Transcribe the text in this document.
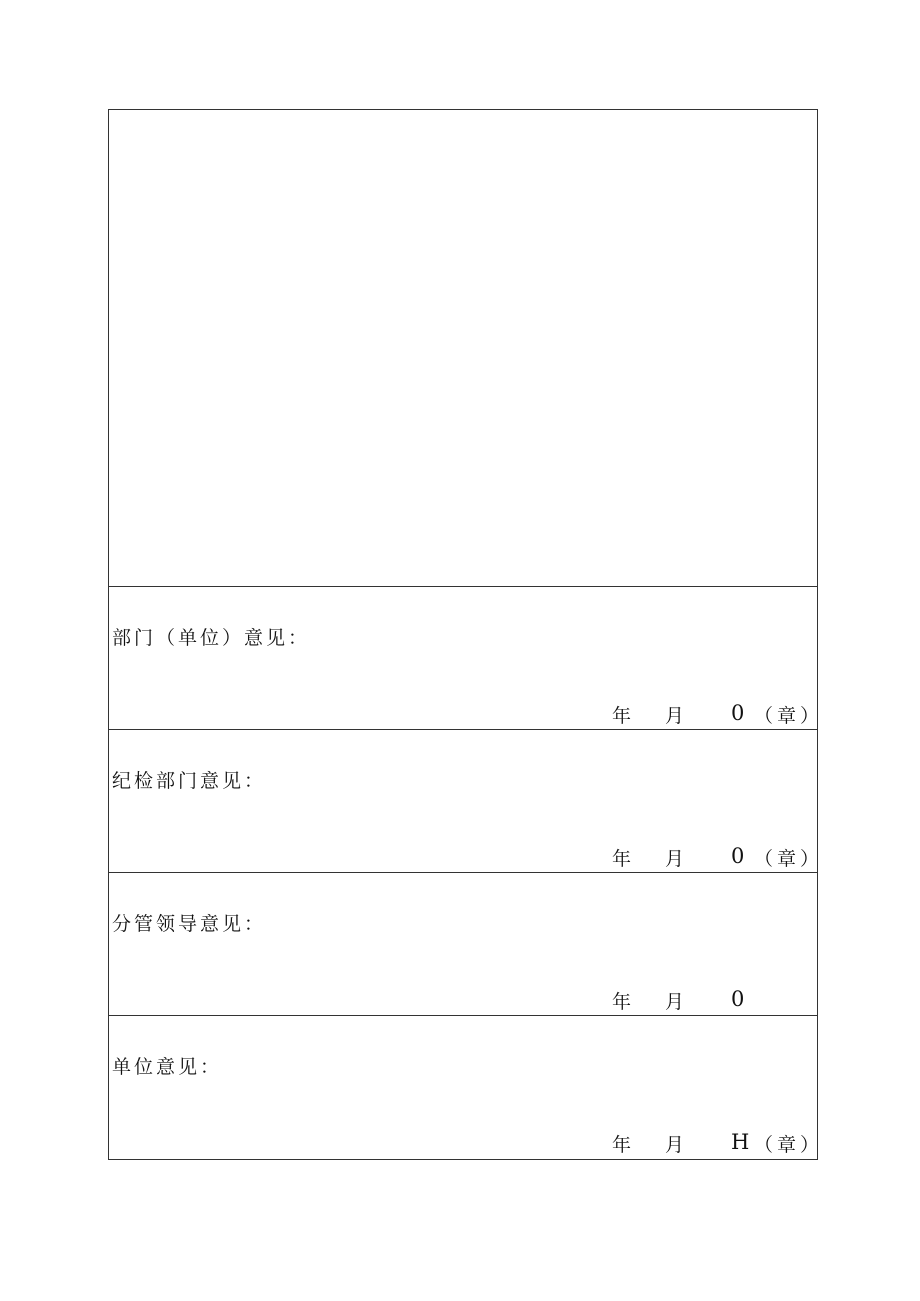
部门（单位）意见：
年 月 0 （章）
纪检部门意见：
年 月 0 （章）
分管领导意见：
年 月 0
单位意见：
年 月 H （章）
